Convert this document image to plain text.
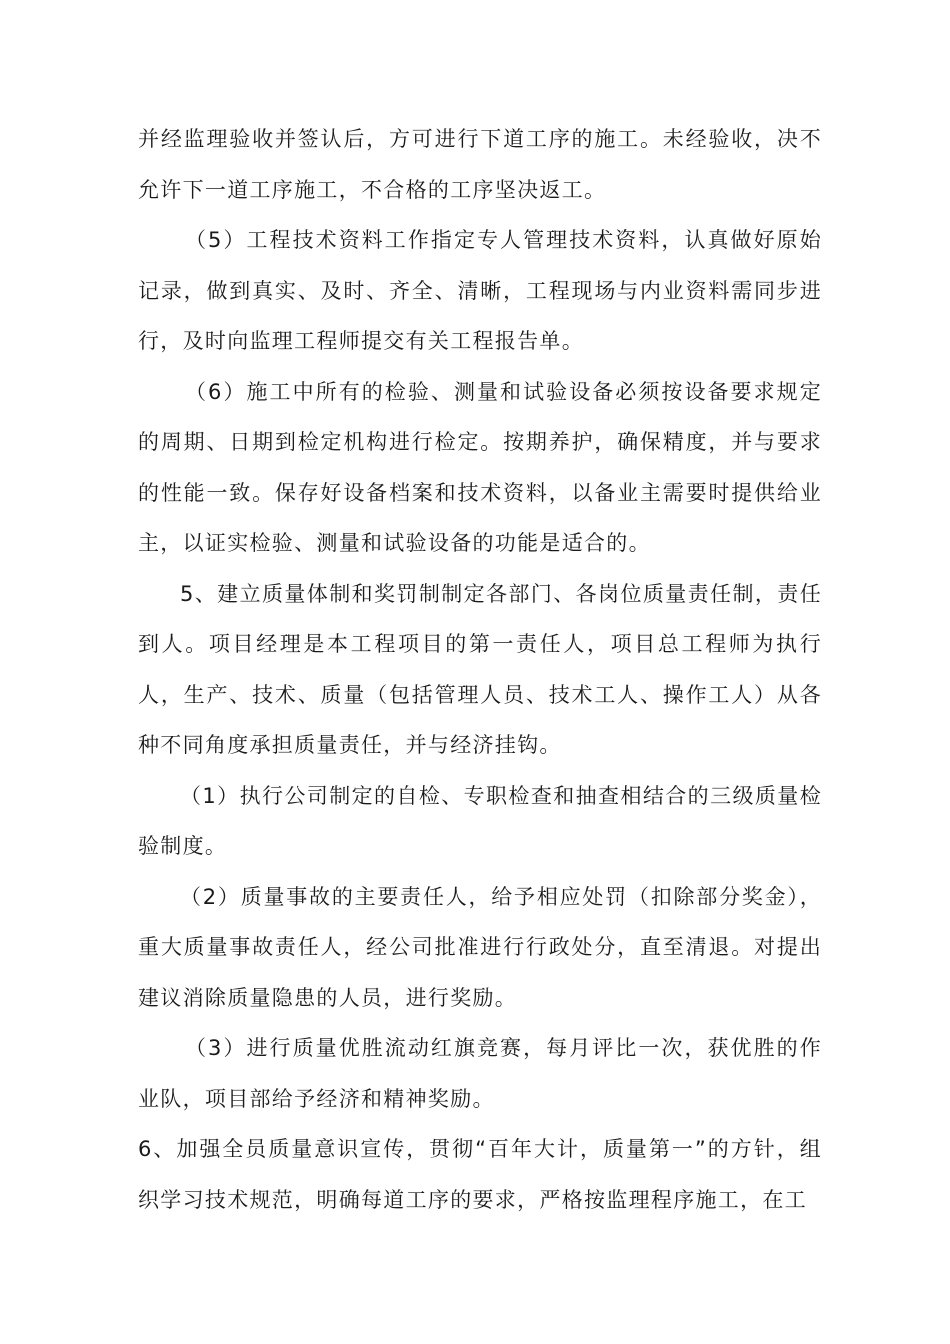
并经监理验收并签认后，方可进行下道工序的施工。未经验收，决不允许下一道工序施工，不合格的工序坚决返工。

（5）工程技术资料工作指定专人管理技术资料，认真做好原始记录，做到真实、及时、齐全、清晰，工程现场与内业资料需同步进行，及时向监理工程师提交有关工程报告单。

（6）施工中所有的检验、测量和试验设备必须按设备要求规定的周期、日期到检定机构进行检定。按期养护，确保精度，并与要求的性能一致。保存好设备档案和技术资料，以备业主需要时提供给业主，以证实检验、测量和试验设备的功能是适合的。

5、建立质量体制和奖罚制制定各部门、各岗位质量责任制，责任到人。项目经理是本工程项目的第一责任人，项目总工程师为执行人，生产、技术、质量（包括管理人员、技术工人、操作工人）从各种不同角度承担质量责任，并与经济挂钩。

（1）执行公司制定的自检、专职检查和抽查相结合的三级质量检验制度。

（2）质量事故的主要责任人，给予相应处罚（扣除部分奖金），重大质量事故责任人，经公司批准进行行政处分，直至清退。对提出建议消除质量隐患的人员，进行奖励。

（3）进行质量优胜流动红旗竞赛，每月评比一次，获优胜的作业队，项目部给予经济和精神奖励。

6、加强全员质量意识宣传，贯彻“百年大计，质量第一”的方针，组织学习技术规范，明确每道工序的要求，严格按监理程序施工，在工
